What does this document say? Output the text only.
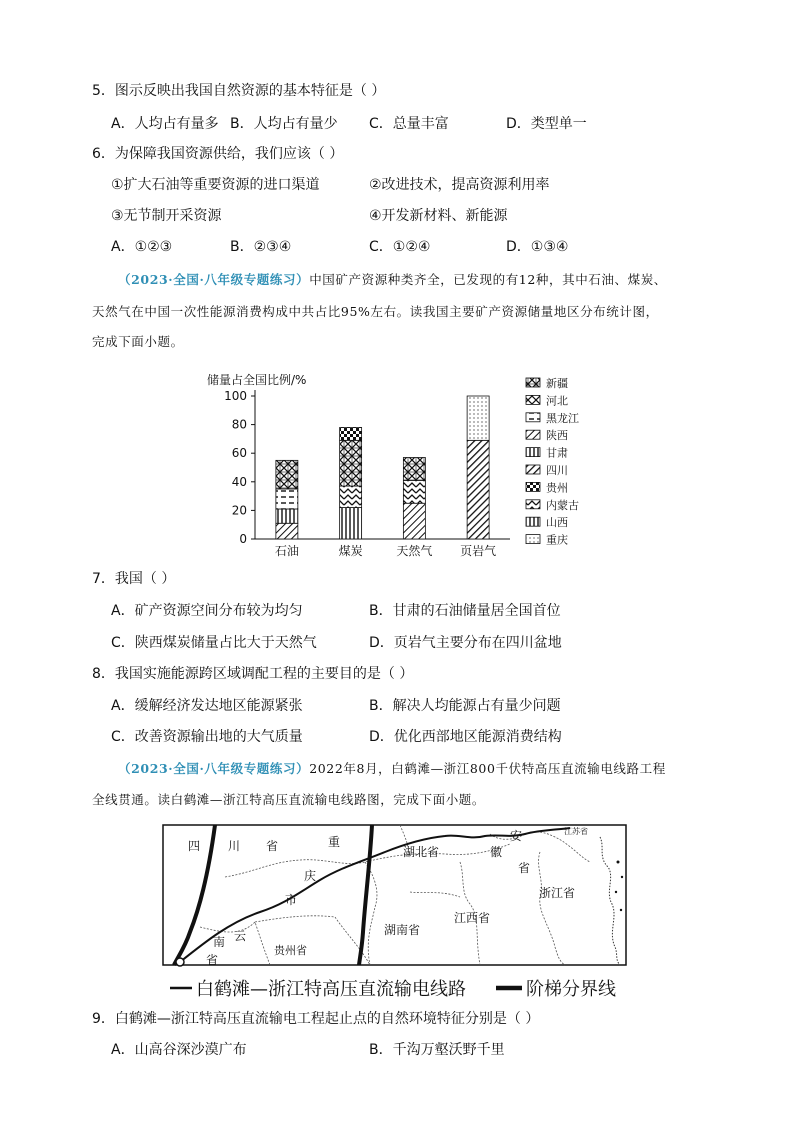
5．图示反映出我国自然资源的基本特征是（ ）
A．人均占有量多 B．人均占有量少 C．总量丰富	D．类型单一
6．为保障我国资源供给，我们应该（ ）
①扩大石油等重要资源的进口渠道	②改进技术，提高资源利用率
③无节制开采资源	④开发新材料、新能源
A．①②③	B．②③④	C．①②④	D．①③④
（2023·全国·八年级专题练习）中国矿产资源种类齐全，已发现的有12种，其中石油、煤炭、
天然气在中国一次性能源消费构成中共占比95%左右。读我国主要矿产资源储量地区分布统计图，
完成下面小题。
储量占全国比例/%
0
20
40
60
80
100
石油	煤炭	天然气 页岩气
新疆
河北
黑龙江
陕西
甘肃
四川
贵州
内蒙古
山西
重庆
7．我国（ ）
A．矿产资源空间分布较为均匀	B．甘肃的石油储量居全国首位
C．陕西煤炭储量占比大于天然气	D．页岩气主要分布在四川盆地
8．我国实施能源跨区域调配工程的主要目的是（ ）
A．缓解经济发达地区能源紧张	B．解决人均能源占有量少问题
C．改善资源输出地的大气质量	D．优化西部地区能源消费结构
（2023·全国·八年级专题练习）2022年8月，白鹤滩—浙江800千伏特高压直流输电线路工程
全线贯通。读白鹤滩—浙江特高压直流输电线路图，完成下面小题。
四 川 省	重
庆
市
湖北省
安
徽
省
江苏省
浙江省
江西省
湖南省
贵州省
云
南
省
白鹤滩—浙江特高压直流输电线路	阶梯分界线
9．白鹤滩—浙江特高压直流输电工程起止点的自然环境特征分别是（ ）
A．山高谷深沙漠广布	B．千沟万壑沃野千里
